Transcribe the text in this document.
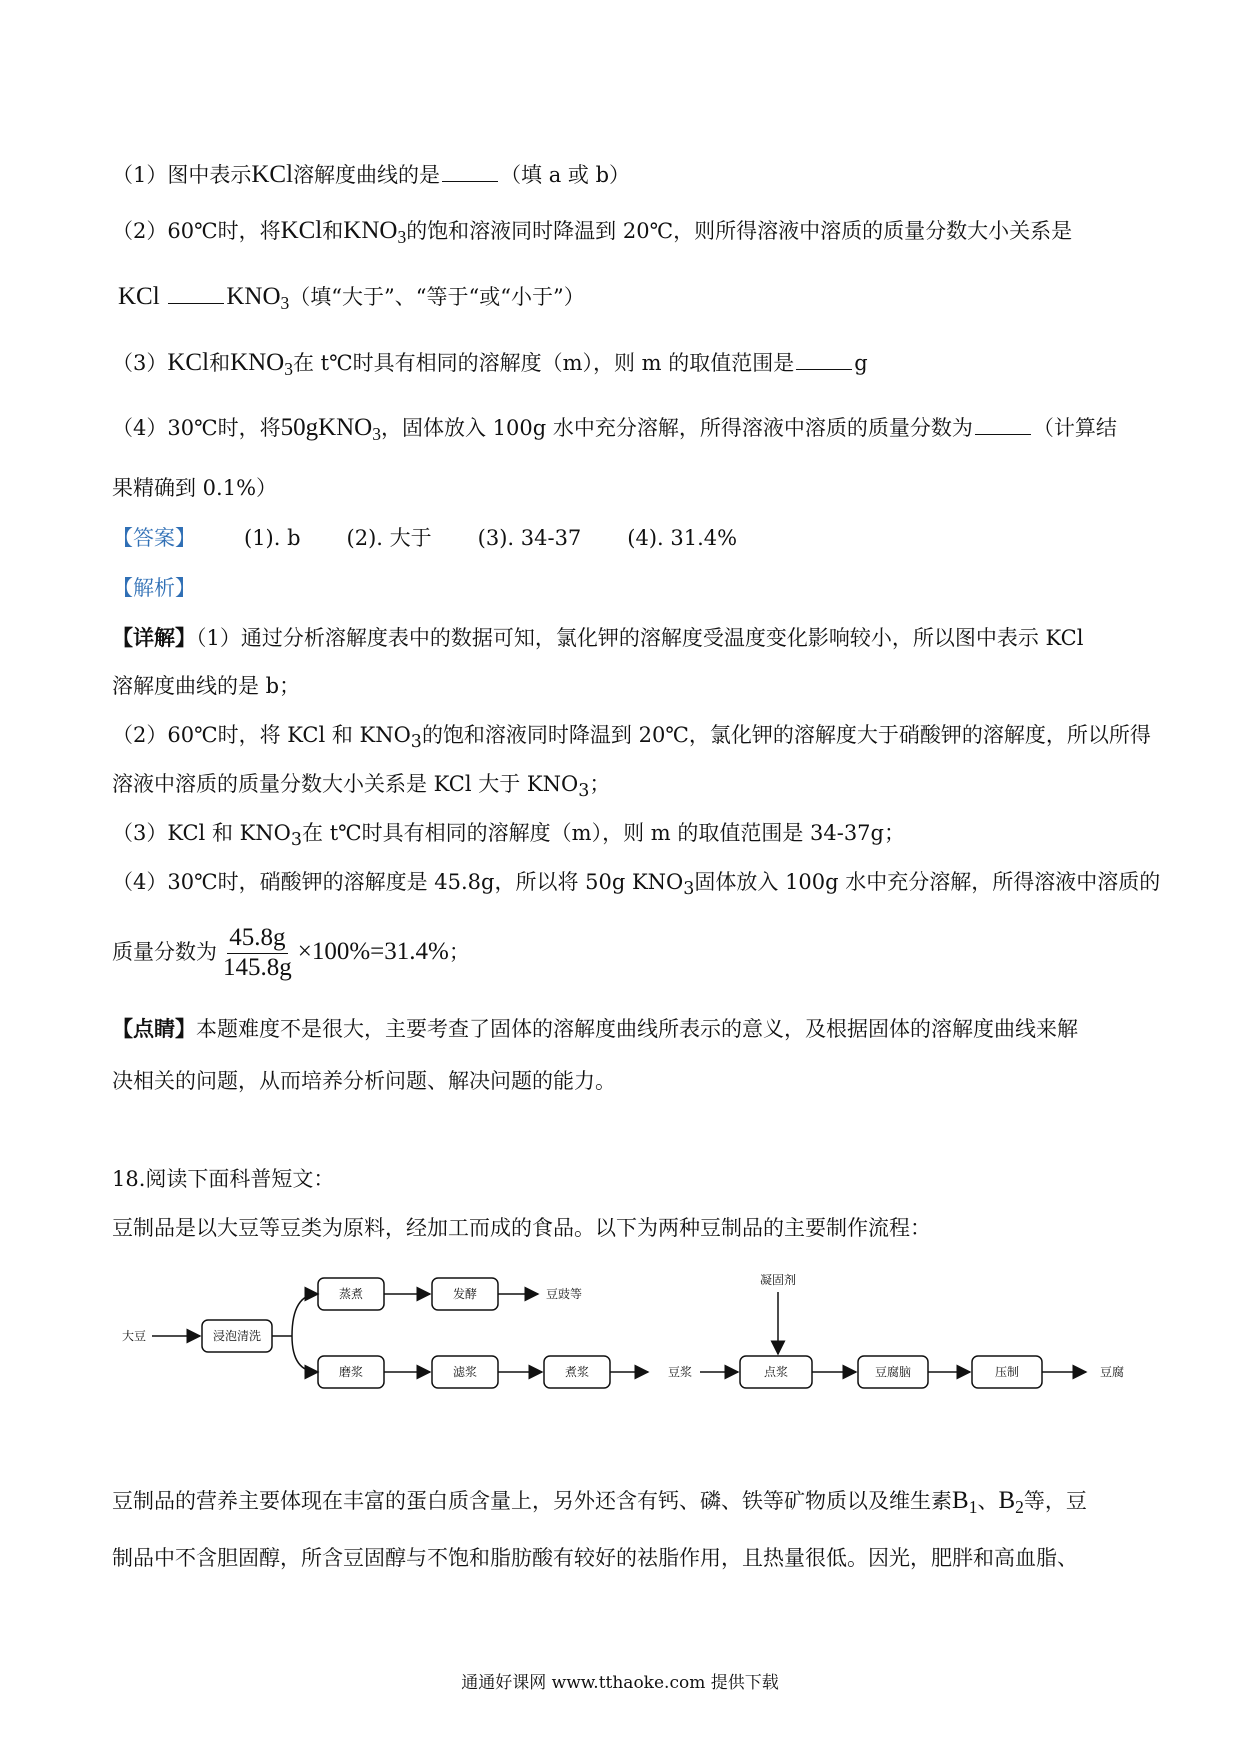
（1）图中表示KCl溶解度曲线的是	（填 a 或 b）
（2）60℃时，将KCl和$KNO_3$的饱和溶液同时降温到 20℃，则所得溶液中溶质的质量分数大小关系是
KCl	$KNO_3$（填“大于”、“等于“或“小于”）
（3）KCl和$KNO_3$在 t℃时具有相同的溶解度（m），则 m 的取值范围是	g
（4）30℃时，将50gKNO$_3$，固体放入 100g 水中充分溶解，所得溶液中溶质的质量分数为	（计算结
果精确到 0.1%）
【答案】 (1). b (2). 大于 (3). 34-37 (4). 31.4%
【解析】
【详解】（1）通过分析溶解度表中的数据可知，氯化钾的溶解度受温度变化影响较小，所以图中表示 KCl
溶解度曲线的是 b；
（2）60℃时，将 KCl 和 $KNO_3$的饱和溶液同时降温到 20℃，氯化钾的溶解度大于硝酸钾的溶解度，所以所得
溶液中溶质的质量分数大小关系是 KCl 大于 $KNO_3$；
（3）KCl 和 $KNO_3$在 t℃时具有相同的溶解度（m），则 m 的取值范围是 34-37g；
（4）30℃时，硝酸钾的溶解度是 45.8g，所以将 50g $KNO_3$固体放入 100g 水中充分溶解，所得溶液中溶质的
质量分数为 $\frac{45.8g}{145.8g} \times 100\%=31.4\%$；
【点睛】本题难度不是很大，主要考查了固体的溶解度曲线所表示的意义，及根据固体的溶解度曲线来解
决相关的问题，从而培养分析问题、解决问题的能力。
18.阅读下面科普短文：
豆制品是以大豆等豆类为原料，经加工而成的食品。以下为两种豆制品的主要制作流程：
大豆	浸泡清洗
蒸煮	发酵	豆豉等
磨浆	滤浆	煮浆	豆浆
凝固剂
点浆	豆腐脑	压制	豆腐
豆制品的营养主要体现在丰富的蛋白质含量上，另外还含有钙、磷、铁等矿物质以及维生素$B_1$、$B_2$等，豆
制品中不含胆固醇，所含豆固醇与不饱和脂肪酸有较好的祛脂作用，且热量很低。因光，肥胖和高血脂、
通通好课网 www.tthaoke.com 提供下载
